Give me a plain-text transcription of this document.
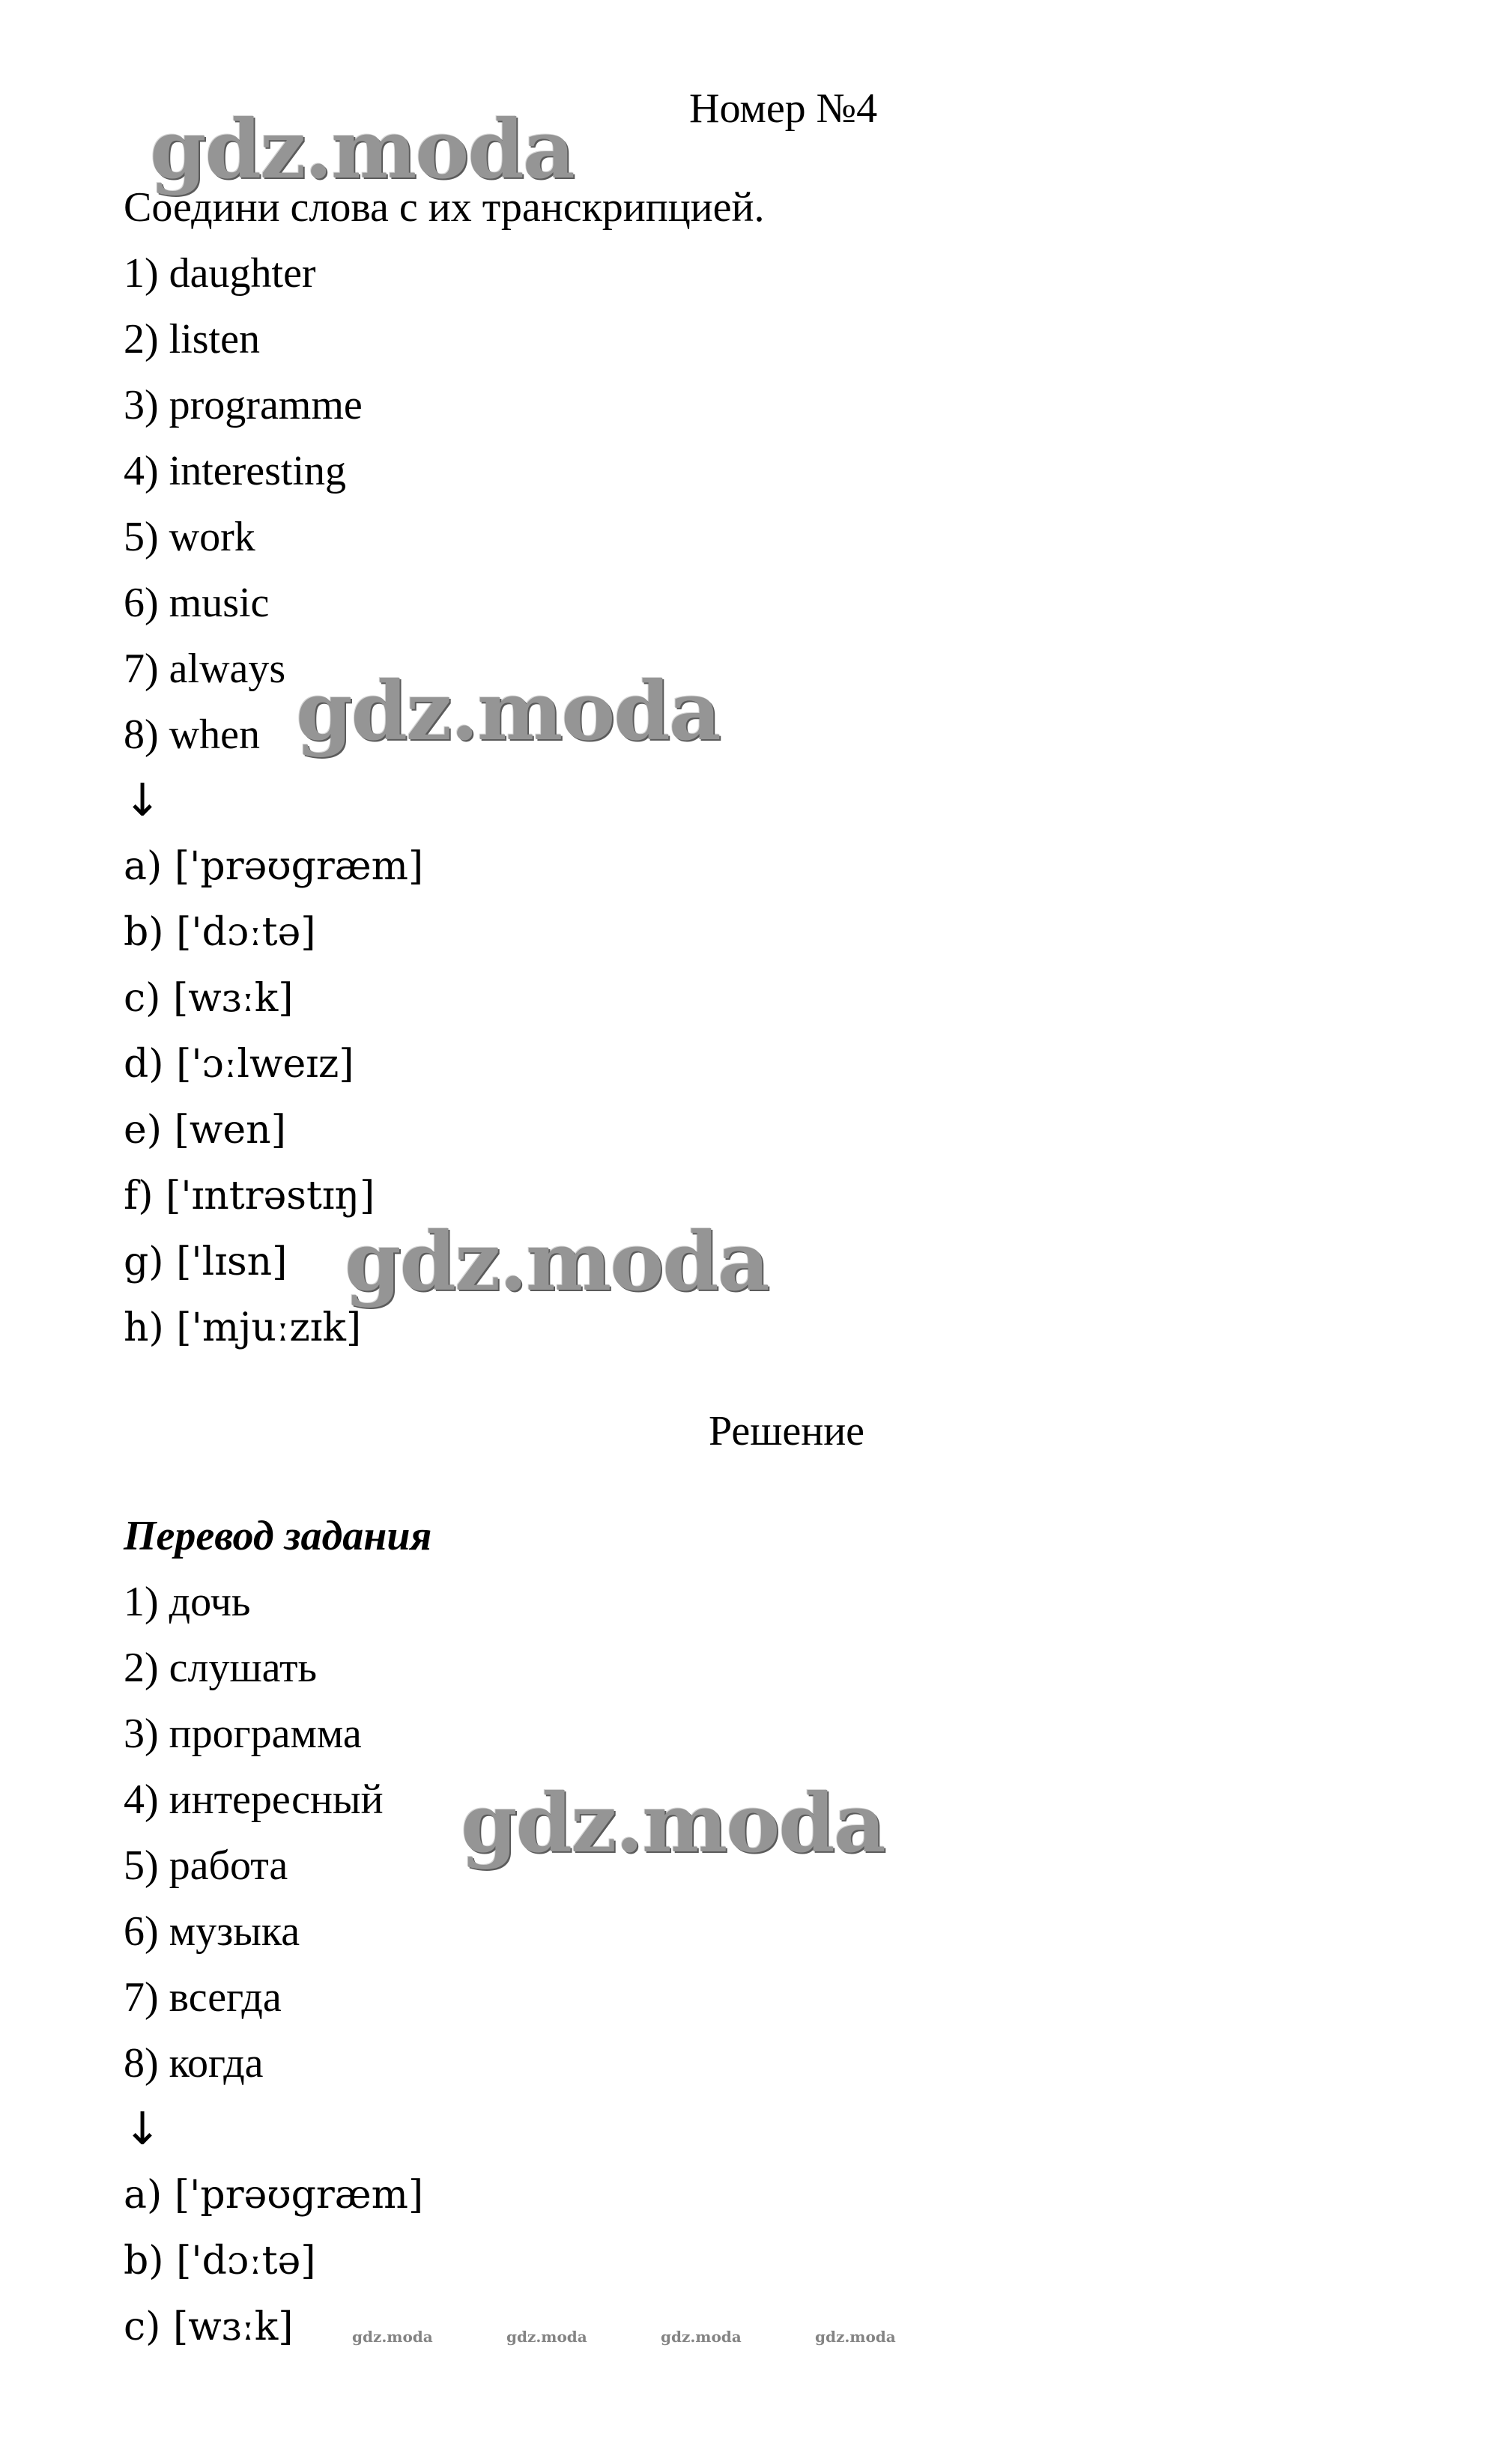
Номер №4
Соедини слова с их транскрипцией.
1) daughter
2) listen
3) programme
4) interesting
5) work
6) music
7) always
8) when
↓
a) ['prəʊgræm]
b) ['dɔːtə]
c) [wɜːk]
d) ['ɔːlweɪz]
e) [wen]
f) ['ɪntrəstɪŋ]
g) ['lɪsn]
h) ['mjuːzɪk]
Решение
Перевод задания
1) дочь
2) слушать
3) программа
4) интересный
5) работа
6) музыка
7) всегда
8) когда
↓
a) ['prəʊgræm]
b) ['dɔːtə]
c) [wɜːk]
gdz.moda
gdz.moda
gdz.moda
gdz.moda
gdz.moda	gdz.moda	gdz.moda	gdz.moda
